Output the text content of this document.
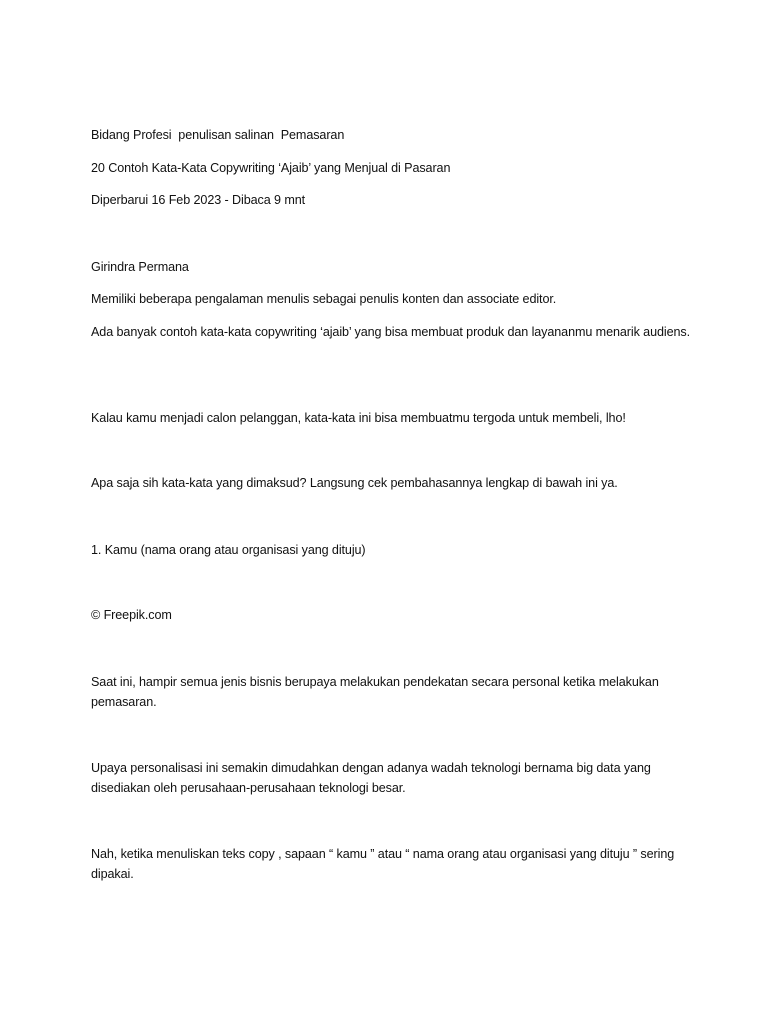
Bidang Profesi  penulisan salinan  Pemasaran

20 Contoh Kata-Kata Copywriting ‘Ajaib’ yang Menjual di Pasaran

Diperbarui 16 Feb 2023 - Dibaca 9 mnt

Girindra Permana

Memiliki beberapa pengalaman menulis sebagai penulis konten dan associate editor.

Ada banyak contoh kata-kata copywriting ‘ajaib’ yang bisa membuat produk dan layananmu menarik audiens.

Kalau kamu menjadi calon pelanggan, kata-kata ini bisa membuatmu tergoda untuk membeli, lho!

Apa saja sih kata-kata yang dimaksud? Langsung cek pembahasannya lengkap di bawah ini ya.

1. Kamu (nama orang atau organisasi yang dituju)

© Freepik.com

Saat ini, hampir semua jenis bisnis berupaya melakukan pendekatan secara personal ketika melakukan pemasaran.

Upaya personalisasi ini semakin dimudahkan dengan adanya wadah teknologi bernama big data yang disediakan oleh perusahaan-perusahaan teknologi besar.

Nah, ketika menuliskan teks copy , sapaan “ kamu ” atau “ nama orang atau organisasi yang dituju ” sering dipakai.
